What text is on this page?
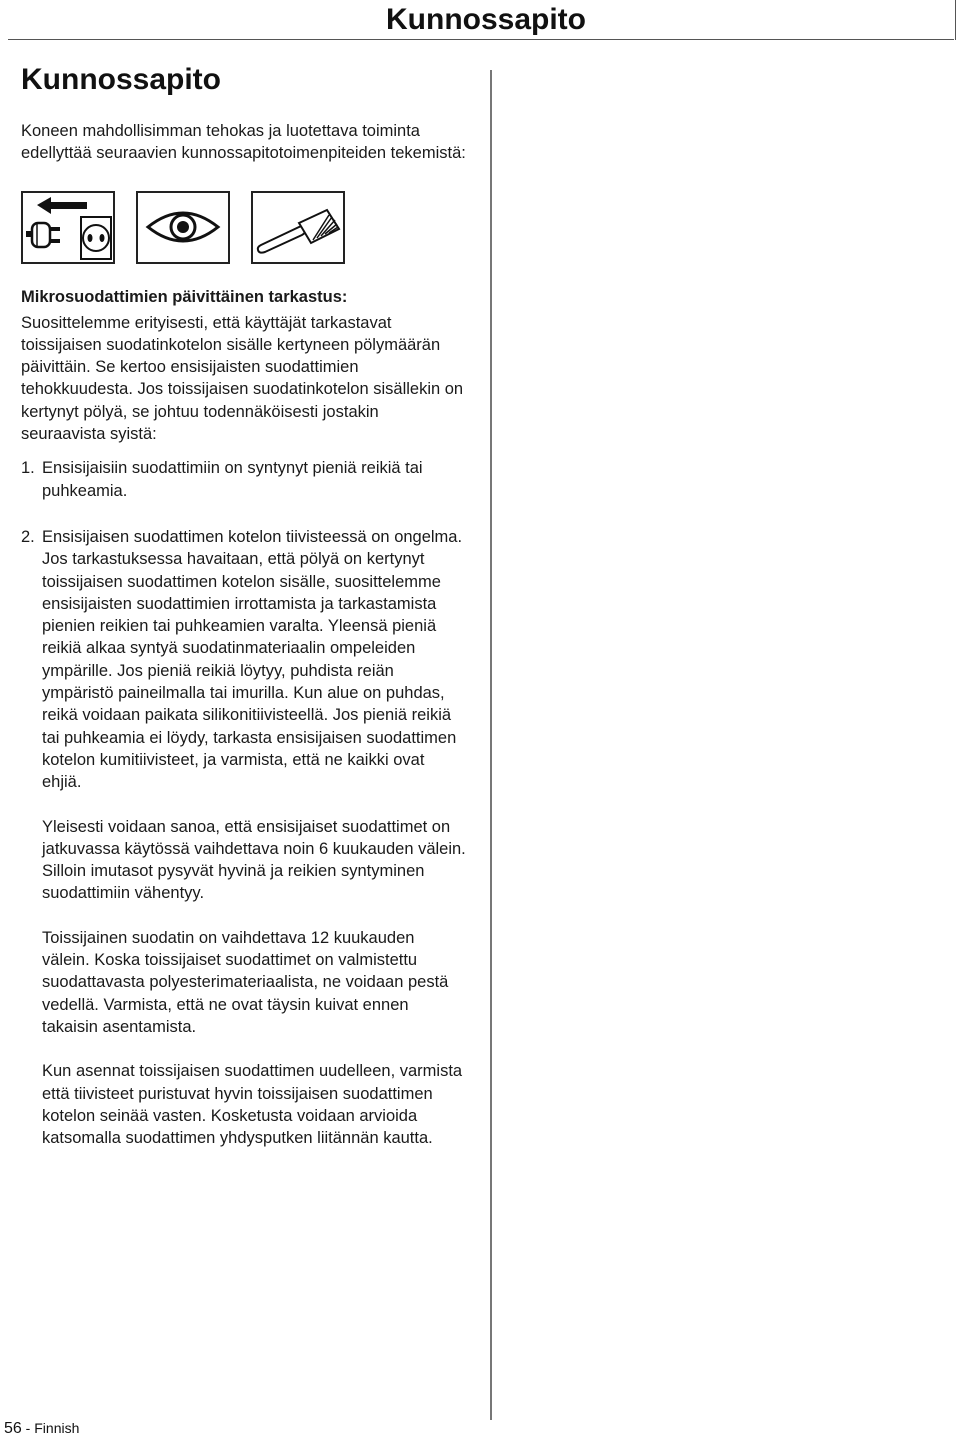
Kunnossapito
Kunnossapito

Koneen mahdollisimman tehokas ja luotettava toiminta edellyttää seuraavien kunnossapitotoimenpiteiden tekemistä:

Mikrosuodattimien päivittäinen tarkastus:

Suosittelemme erityisesti, että käyttäjät tarkastavat toissijaisen suodatinkotelon sisälle kertyneen pölymäärän päivittäin. Se kertoo ensisijaisten suodattimien tehokkuudesta. Jos toissijaisen suodatinkotelon sisällekin on kertynyt pölyä, se johtuu todennäköisesti jostakin seuraavista syistä:

1. Ensisijaisiin suodattimiin on syntynyt pieniä reikiä tai puhkeamia.
2. Ensisijaisen suodattimen kotelon tiivisteessä on ongelma. Jos tarkastuksessa havaitaan, että pölyä on kertynyt toissijaisen suodattimen kotelon sisälle, suosittelemme ensisijaisten suodattimien irrottamista ja tarkastamista pienien reikien tai puhkeamien varalta. Yleensä pieniä reikiä alkaa syntyä suodatinmateriaalin ompeleiden ympärille. Jos pieniä reikiä löytyy, puhdista reiän ympäristö paineilmalla tai imurilla. Kun alue on puhdas, reikä voidaan paikata silikonitiivisteellä. Jos pieniä reikiä tai puhkeamia ei löydy, tarkasta ensisijaisen suodattimen kotelon kumitiivisteet, ja varmista, että ne kaikki ovat ehjiä.

Yleisesti voidaan sanoa, että ensisijaiset suodattimet on jatkuvassa käytössä vaihdettava noin 6 kuukauden välein. Silloin imutasot pysyvät hyvinä ja reikien syntyminen suodattimiin vähentyy.

Toissijainen suodatin on vaihdettava 12 kuukauden välein. Koska toissijaiset suodattimet on valmistettu suodattavasta polyesterimateriaalista, ne voidaan pestä vedellä. Varmista, että ne ovat täysin kuivat ennen takaisin asentamista.

Kun asennat toissijaisen suodattimen uudelleen, varmista että tiivisteet puristuvat hyvin toissijaisen suodattimen kotelon seinää vasten. Kosketusta voidaan arvioida katsomalla suodattimen yhdysputken liitännän kautta.

56 - Finnish
